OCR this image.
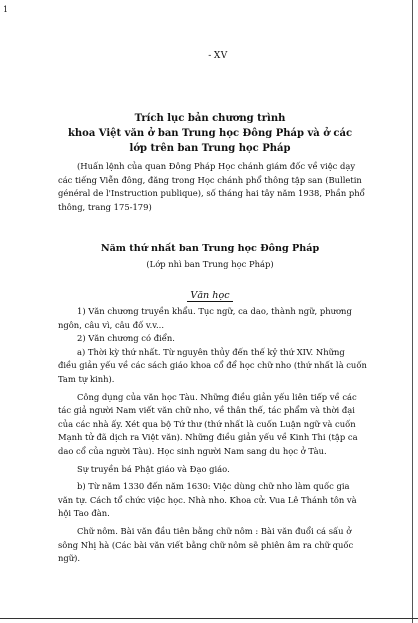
1
- XV
Trích lục bản chương trình
khoa Việt văn ở ban Trung học Đông Pháp và ở các
lớp trên ban Trung học Pháp
(Huấn lệnh của quan Đông Pháp Học chánh giám đốc về việc dạy
các tiếng Viễn đông, đăng trong Học chánh phổ thông tập san (Bulletin
général de l'Instruction publique), số tháng hai tây năm 1938, Phần phổ
thông, trang 175-179)
Năm thứ nhất ban Trung học Đông Pháp
(Lớp nhì ban Trung học Pháp)
Văn học
1) Văn chương truyền khẩu. Tục ngữ, ca dao, thành ngữ, phương
ngôn, câu vì, câu đố v.v...
2) Văn chương có điển.
a) Thời kỳ thứ nhất. Từ nguyên thủy đến thế kỷ thứ XIV. Những
điều giản yếu về các sách giáo khoa cổ để học chữ nho (thứ nhất là cuốn
Tam tự kinh).
Công dụng của văn học Tàu. Những điều giản yếu liên tiếp về các
tác giả người Nam viết văn chữ nho, về thân thế, tác phẩm và thời đại
của các nhà ấy. Xét qua bộ Tứ thư (thứ nhất là cuốn Luận ngữ và cuốn
Mạnh tử đã dịch ra Việt văn). Những điều giản yếu về Kinh Thi (tập ca
dao cổ của người Tàu). Học sinh người Nam sang du học ở Tàu.
Sự truyền bá Phật giáo và Đạo giáo.
b) Từ năm 1330 đến năm 1630: Việc dùng chữ nho làm quốc gia
văn tự. Cách tổ chức việc học. Nhà nho. Khoa cử. Vua Lê Thánh tôn và
hội Tao đàn.
Chữ nôm. Bài văn đầu tiên bằng chữ nôm : Bài văn đuổi cá sấu ở
sông Nhị hà (Các bài văn viết bằng chữ nôm sẽ phiên âm ra chữ quốc
ngữ).
